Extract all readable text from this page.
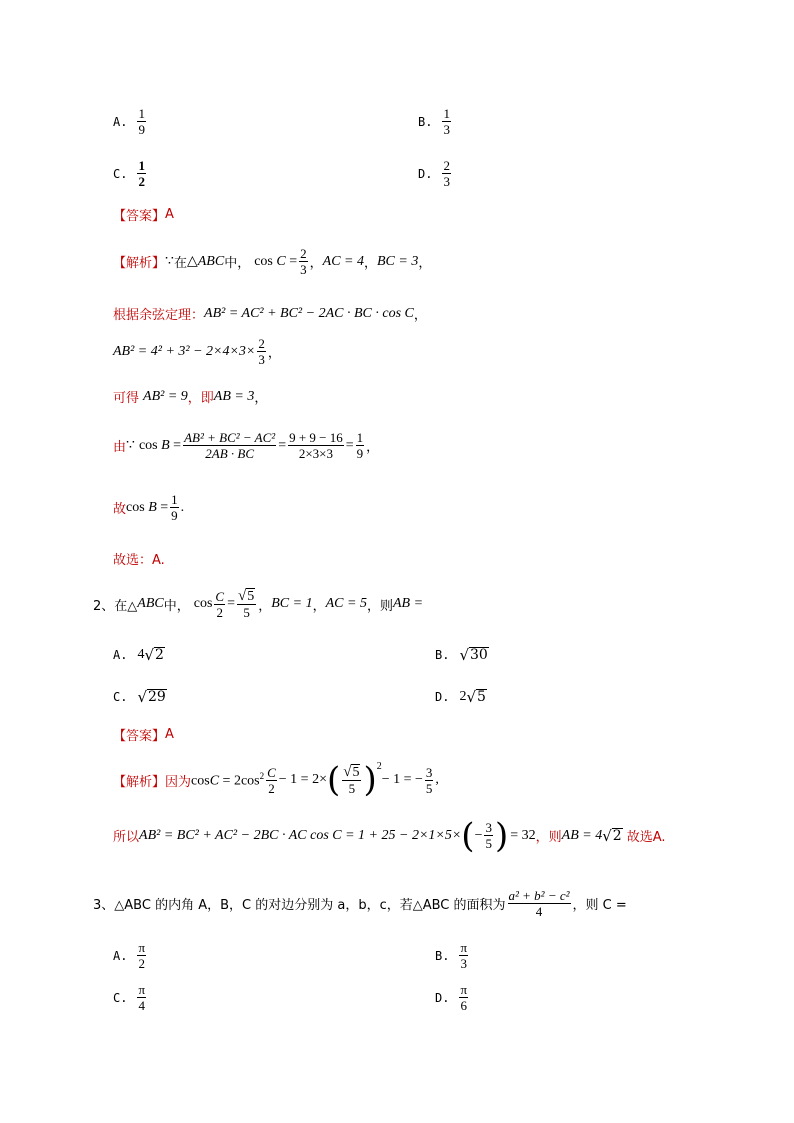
A. $\frac{1}{9}$	B. $\frac{1}{3}$
C. $\frac{1}{2}$	D. $\frac{2}{3}$
【答案】 A
【解析】 ∵ 在 △ ABC 中， $\cos C = \frac{2}{3}$ ， AC = 4 ， BC = 3 ，
根据余弦定理： AB² = AC² + BC² − 2AC · BC · cos C ，
$AB^2 = 4^2 + 3^2 - 2\times 4\times 3\times \frac{2}{3}$ ，
可得 AB² = 9 ，即 AB = 3 ，
由 ∵ $\cos B = \frac{\text{AB² + BC² − AC²}}{2AB \cdot BC} = \frac{9 + 9 - 16}{2\times 3\times 3} = \frac{1}{9}$ ，
故 $\cos B = \frac{1}{9}$ .
故选：A.
2、 在△ ABC 中， $\cos \frac{C}{2} = \frac{√ 5}{5}$ ， BC = 1 ， AC = 5 ， 则 AB =
A. 4 √ 2	B. √ 30
C. √ 29	D. 2 √ 5
【答案】 A
【解析】 因为 $\cos C = 2\cos^2 \frac{C}{2} - 1 = 2\times$ ( $\frac{√ 5}{5}$ ) 2
− 1 = − $\frac{3}{5}$ ,
所以 AB² = BC² + AC² − 2BC · AC cos C = 1 + 25 − 2×1×5× ( − $\frac{3}{5}$ ) = 32 ，则 AB = 4 √ 2 故选A.
3、 △ABC 的内角 A，B，C 的对边分别为 a，b，c，若△ABC 的面积为 $\frac{\text{a² + b² − c²}}{4}$ ，则 C =
A. $\frac{\pi}{2}$	B. $\frac{\pi}{3}$
C. $\frac{\pi}{4}$	D. $\frac{\pi}{6}$
